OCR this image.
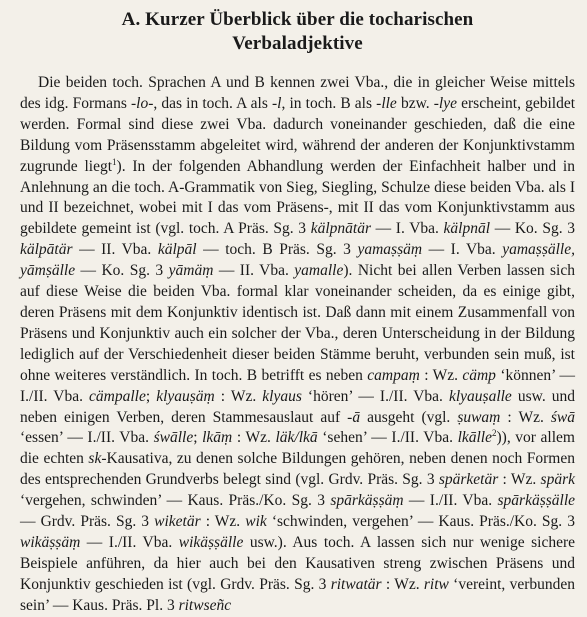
A. Kurzer Überblick über die tocharischen
Verbaladjektive

Die beiden toch. Sprachen A und B kennen zwei Vba., die in gleicher Weise mittels des idg. Formans -lo-, das in toch. A als -l, in toch. B als -lle bzw. -lye erscheint, gebildet werden. Formal sind diese zwei Vba. dadurch voneinander geschieden, daß die eine Bildung vom Präsensstamm abgeleitet wird, während der anderen der Konjunktivstamm zugrunde liegt$^1$). In der folgenden Abhandlung werden der Einfachheit halber und in Anlehnung an die toch. A-Grammatik von Sieg, Siegling, Schulze diese beiden Vba. als I und II bezeichnet, wobei mit I das vom Präsens-, mit II das vom Konjunktivstamm aus gebildete gemeint ist (vgl. toch. A Präs. Sg. 3 kälpnātär — I. Vba. kälpnāl — Ko. Sg. 3 kälpātär — II. Vba. kälpāl — toch. B Präs. Sg. 3 yamaṣṣäṃ — I. Vba. yamaṣṣälle, yāmṣälle — Ko. Sg. 3 yāmäṃ — II. Vba. yamalle). Nicht bei allen Verben lassen sich auf diese Weise die beiden Vba. formal klar voneinander scheiden, da es einige gibt, deren Präsens mit dem Konjunktiv identisch ist. Daß dann mit einem Zusammenfall von Präsens und Konjunktiv auch ein solcher der Vba., deren Unterscheidung in der Bildung lediglich auf der Verschiedenheit dieser beiden Stämme beruht, verbunden sein muß, ist ohne weiteres verständlich. In toch. B betrifft es neben campaṃ : Wz. cämp ‘können’ — I./II. Vba. cämpalle; klyauṣäṃ : Wz. klyaus ‘hören’ — I./II. Vba. klyauṣalle usw. und neben einigen Verben, deren Stammesauslaut auf -ā ausgeht (vgl. ṣuwaṃ : Wz. śwā ‘essen’ — I./II. Vba. śwālle; lkāṃ : Wz. läk/lkā ‘sehen’ — I./II. Vba. lkālle$^2$)), vor allem die echten sk-Kausativa, zu denen solche Bildungen gehören, neben denen noch Formen des entsprechenden Grundverbs belegt sind (vgl. Grdv. Präs. Sg. 3 spärketär : Wz. spärk ‘vergehen, schwinden’ — Kaus. Präs./Ko. Sg. 3 spārkäṣṣäṃ — I./II. Vba. spārkäṣṣälle — Grdv. Präs. Sg. 3 wiketär : Wz. wik ‘schwinden, vergehen’ — Kaus. Präs./Ko. Sg. 3 wikäṣṣäṃ — I./II. Vba. wikäṣṣälle usw.). Aus toch. A lassen sich nur wenige sichere Beispiele anführen, da hier auch bei den Kausativen streng zwischen Präsens und Konjunktiv geschieden ist (vgl. Grdv. Präs. Sg. 3 ritwatär : Wz. ritw ‘vereint, verbunden sein’ — Kaus. Präs. Pl. 3 ritwseñc
